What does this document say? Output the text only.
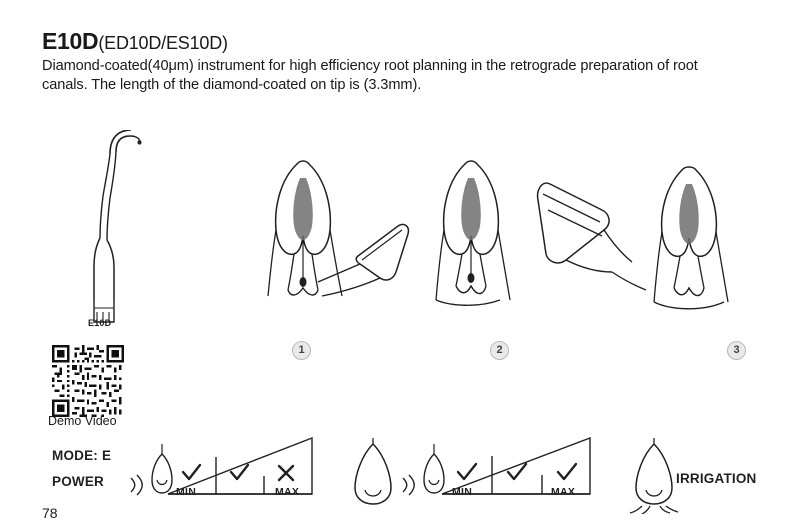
E10D (ED10D/ES10D)
Diamond-coated(40μm) instrument for high efficiency root planning in the retrograde preparation of root canals. The length of the diamond-coated on tip is (3.3mm).
E10D
Demo Video
MODE: E
POWER	IRRIGATION
1	2	3
MIN	MAX	MIN	MAX
78
